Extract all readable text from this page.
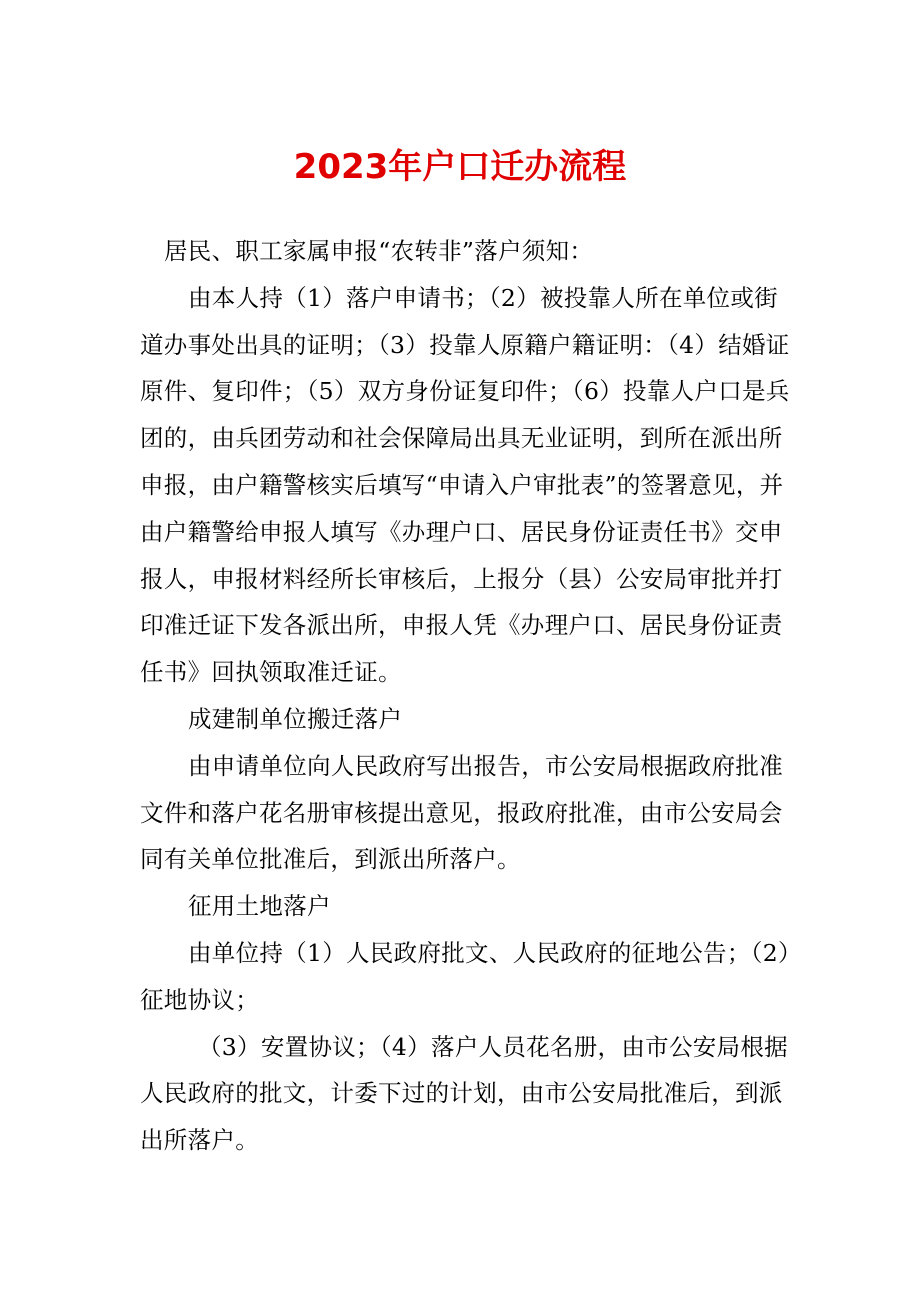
2023年户口迁办流程

居民、职工家属申报“农转非”落户须知：

由本人持（1）落户申请书；（2）被投靠人所在单位或街道办事处出具的证明；（3）投靠人原籍户籍证明：（4）结婚证原件、复印件；（5）双方身份证复印件；（6）投靠人户口是兵团的，由兵团劳动和社会保障局出具无业证明，到所在派出所申报，由户籍警核实后填写“申请入户审批表”的签署意见，并由户籍警给申报人填写《办理户口、居民身份证责任书》交申报人，申报材料经所长审核后，上报分（县）公安局审批并打印准迁证下发各派出所，申报人凭《办理户口、居民身份证责任书》回执领取准迁证。

成建制单位搬迁落户

由申请单位向人民政府写出报告，市公安局根据政府批准文件和落户花名册审核提出意见，报政府批准，由市公安局会同有关单位批准后，到派出所落户。

征用土地落户

由单位持（1）人民政府批文、人民政府的征地公告；（2）征地协议；

（3）安置协议；（4）落户人员花名册，由市公安局根据人民政府的批文，计委下过的计划，由市公安局批准后，到派出所落户。
